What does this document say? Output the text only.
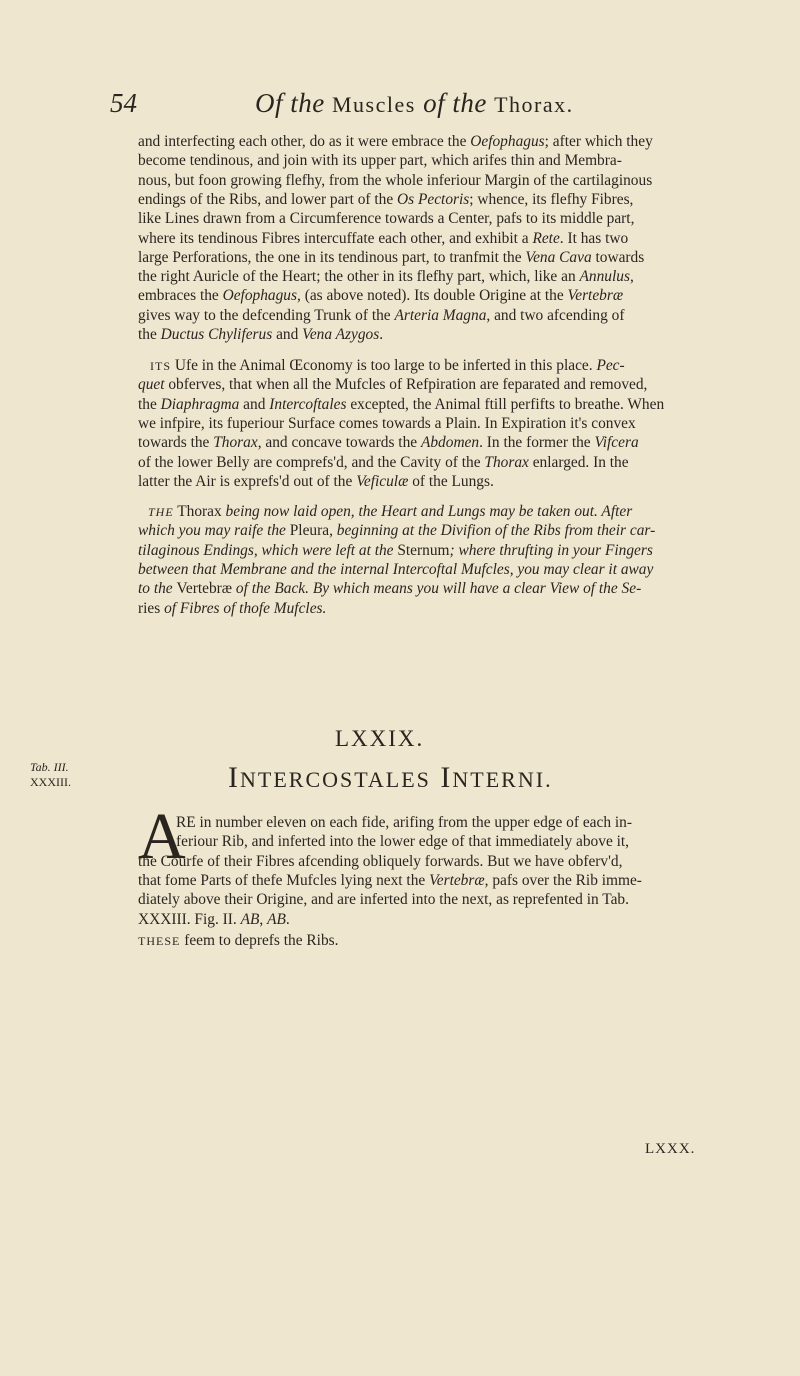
54	Of the Muscles of the Thorax.
and interfecting each other, do as it were embrace the Oefophagus; after which they
become tendinous, and join with its upper part, which arifes thin and Membra-
nous, but foon growing flefhy, from the whole inferiour Margin of the cartilaginous
endings of the Ribs, and lower part of the Os Pectoris; whence, its flefhy Fibres,
like Lines drawn from a Circumference towards a Center, pafs to its middle part,
where its tendinous Fibres intercuffate each other, and exhibit a Rete. It has two
large Perforations, the one in its tendinous part, to tranfmit the Vena Cava towards
the right Auricle of the Heart; the other in its flefhy part, which, like an Annulus,
embraces the Oefophagus, (as above noted). Its double Origine at the Vertebræ
gives way to the defcending Trunk of the Arteria Magna, and two afcending of
the Ductus Chyliferus and Vena Azygos.
ITS Ufe in the Animal Œconomy is too large to be inferted in this place. Pec-
quet obferves, that when all the Mufcles of Refpiration are feparated and removed,
the Diaphragma and Intercoftales excepted, the Animal ftill perfifts to breathe. When
we infpire, its fuperiour Surface comes towards a Plain. In Expiration it's convex
towards the Thorax, and concave towards the Abdomen. In the former the Vifcera
of the lower Belly are comprefs'd, and the Cavity of the Thorax enlarged. In the
latter the Air is exprefs'd out of the Veficulæ of the Lungs.
THE Thorax being now laid open, the Heart and Lungs may be taken out. After
which you may raife the Pleura, beginning at the Divifion of the Ribs from their car-
tilaginous Endings, which were left at the Sternum; where thrufting in your Fingers
between that Membrane and the internal Intercoftal Mufcles, you may clear it away
to the Vertebræ of the Back. By which means you will have a clear View of the Se-
ries of Fibres of thofe Mufcles.
RE in number eleven on each fide, arifing from the upper edge of each in-
feriour Rib, and inferted into the lower edge of that immediately above it,
the Courfe of their Fibres afcending obliquely forwards. But we have obferv'd,
that fome Parts of thefe Mufcles lying next the Vertebræ, pafs over the Rib imme-
diately above their Origine, and are inferted into the next, as reprefented in Tab.
XXXIII. Fig. II. AB, AB.
THESE feem to deprefs the Ribs.
LXXIX.
INTERCOSTALES INTERNI.
Tab. III.
XXXIII.
A
LXXX.
